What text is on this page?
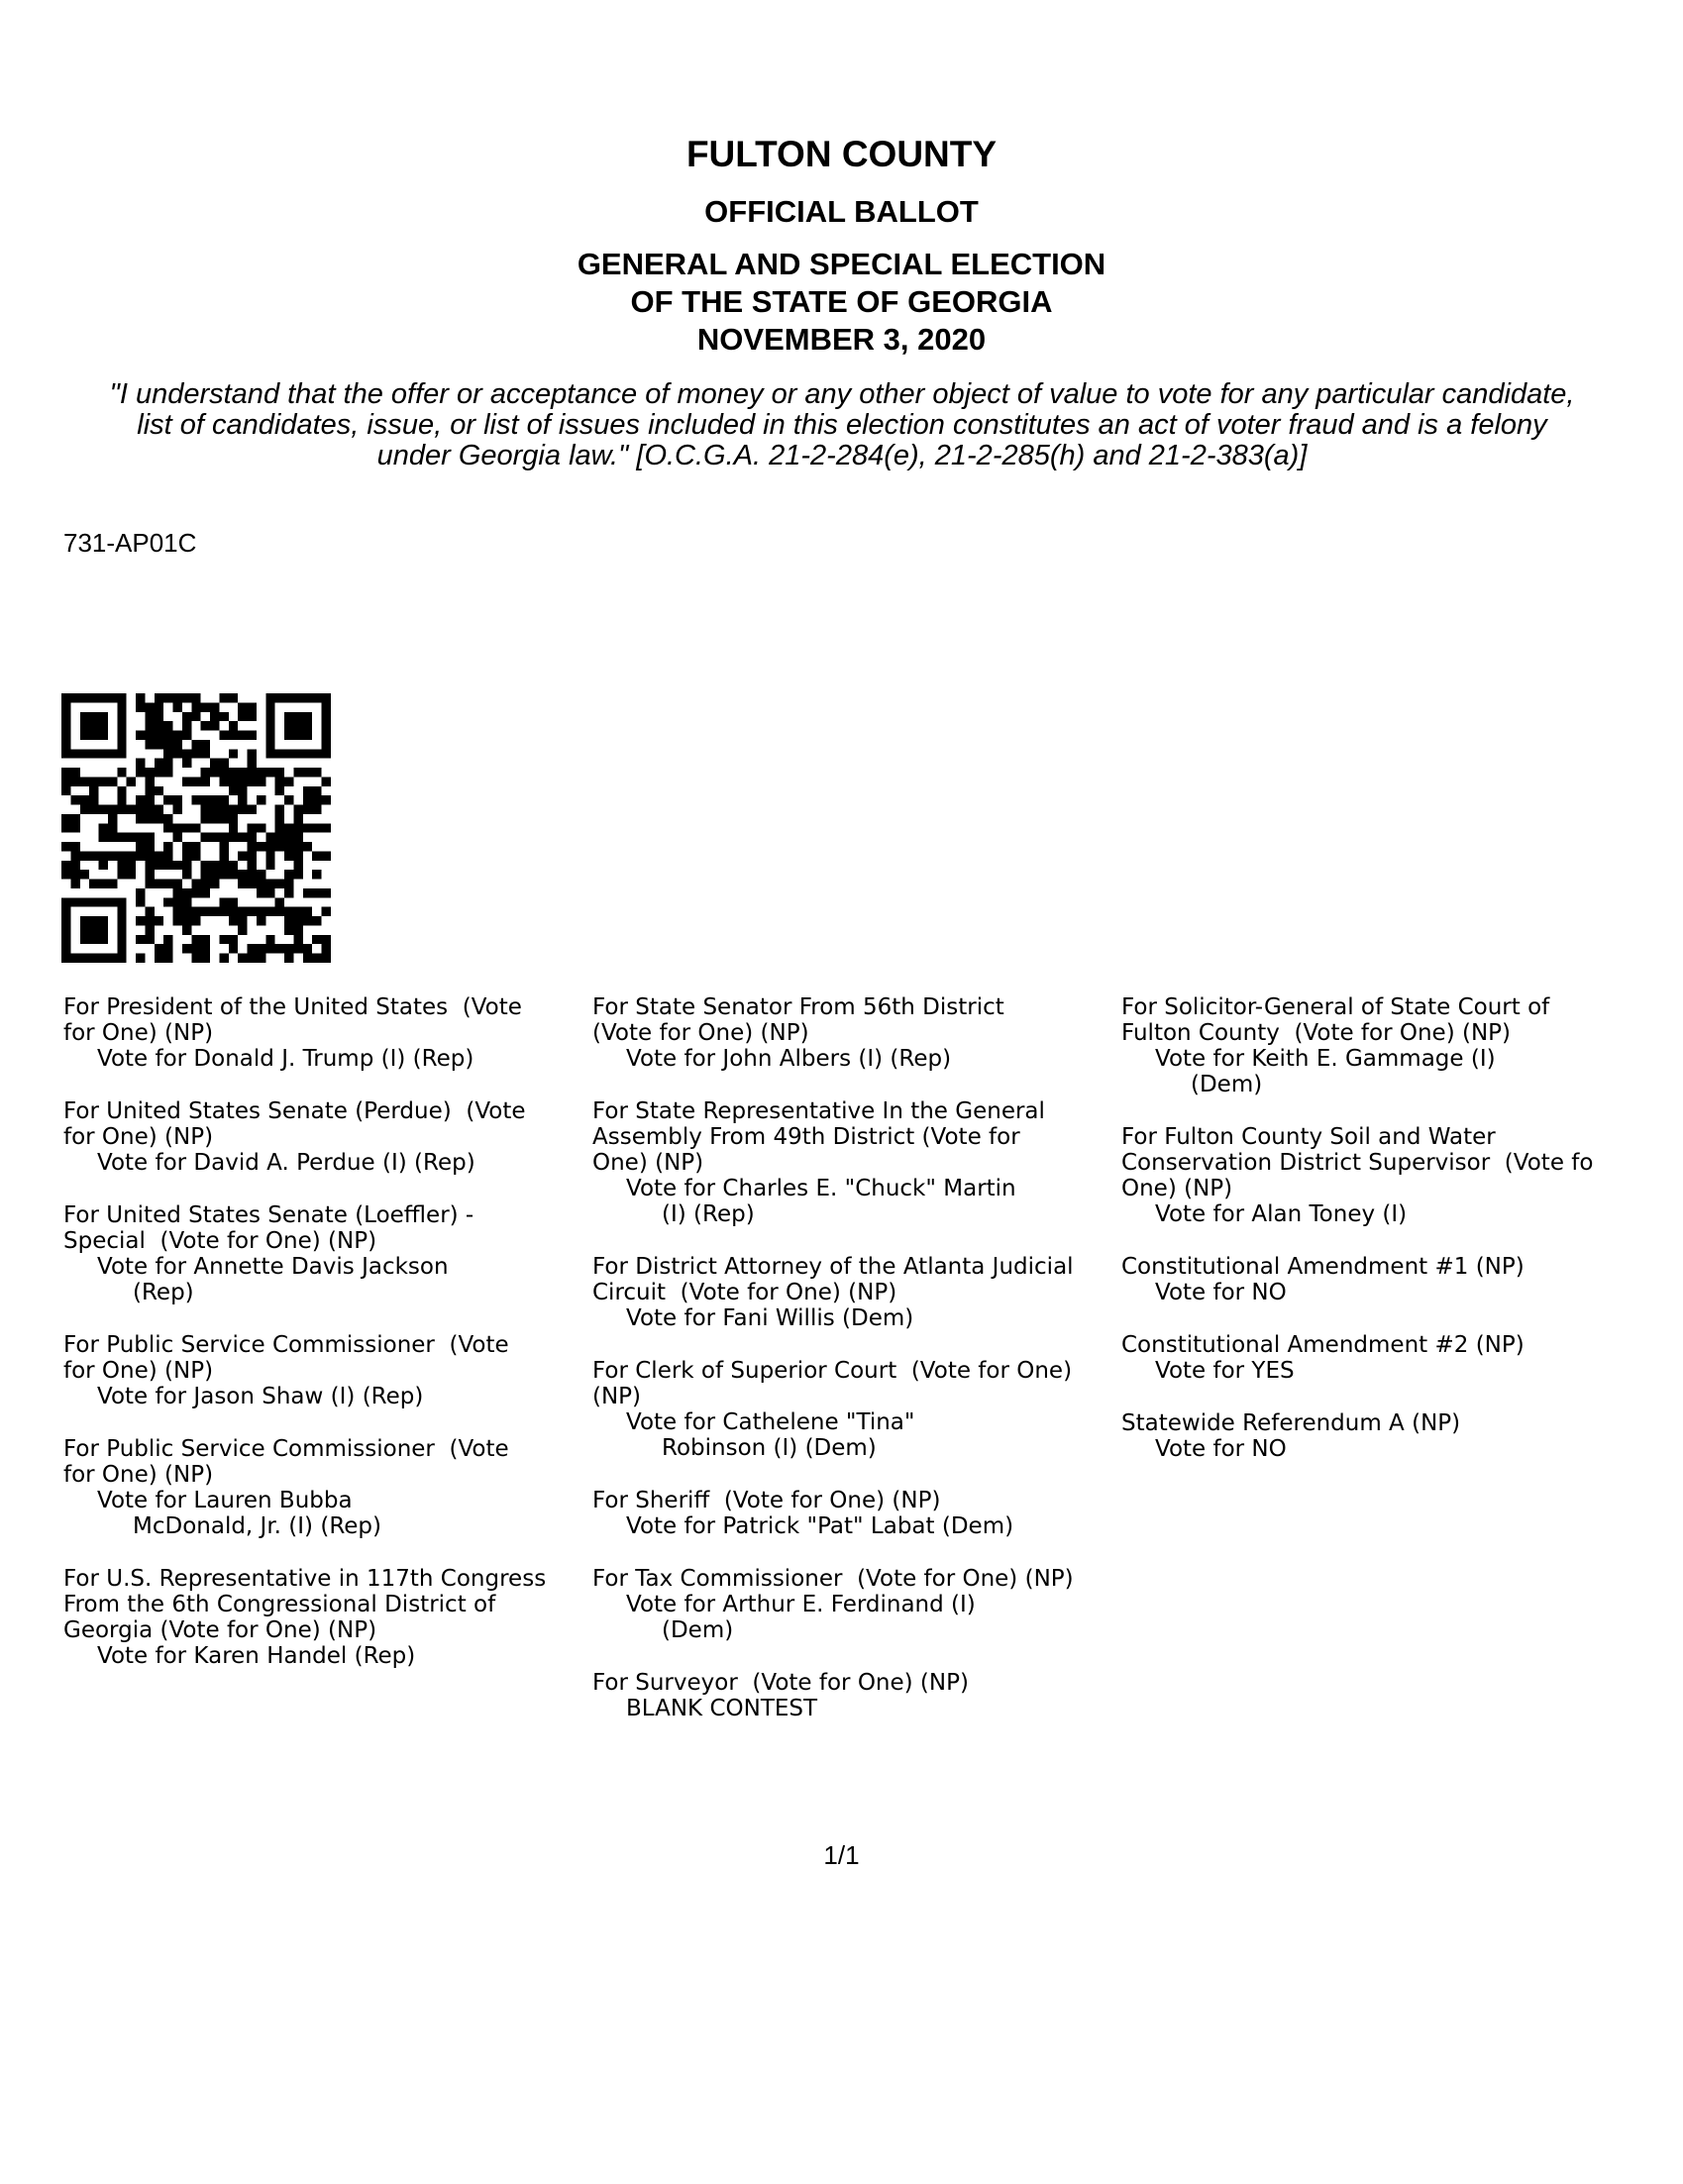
FULTON COUNTY
OFFICIAL BALLOT
GENERAL AND SPECIAL ELECTION
OF THE STATE OF GEORGIA
NOVEMBER 3, 2020
"I understand that the offer or acceptance of money or any other object of value to vote for any particular candidate,
list of candidates, issue, or list of issues included in this election constitutes an act of voter fraud and is a felony
under Georgia law." [O.C.G.A. 21-2-284(e), 21-2-285(h) and 21-2-383(a)]
731-AP01C
For President of the United States  (Vote
for One) (NP)
Vote for Donald J. Trump (I) (Rep)
For United States Senate (Perdue)  (Vote
for One) (NP)
Vote for David A. Perdue (I) (Rep)
For United States Senate (Loeffler) -
Special  (Vote for One) (NP)
Vote for Annette Davis Jackson
(Rep)
For Public Service Commissioner  (Vote
for One) (NP)
Vote for Jason Shaw (I) (Rep)
For Public Service Commissioner  (Vote
for One) (NP)
Vote for Lauren Bubba
McDonald, Jr. (I) (Rep)
For U.S. Representative in 117th Congress
From the 6th Congressional District of
Georgia (Vote for One) (NP)
Vote for Karen Handel (Rep)
For State Senator From 56th District
(Vote for One) (NP)
Vote for John Albers (I) (Rep)
For State Representative In the General
Assembly From 49th District (Vote for
One) (NP)
Vote for Charles E. "Chuck" Martin
(I) (Rep)
For District Attorney of the Atlanta Judicial
Circuit  (Vote for One) (NP)
Vote for Fani Willis (Dem)
For Clerk of Superior Court  (Vote for One)
(NP)
Vote for Cathelene "Tina"
Robinson (I) (Dem)
For Sheriff  (Vote for One) (NP)
Vote for Patrick "Pat" Labat (Dem)
For Tax Commissioner  (Vote for One) (NP)
Vote for Arthur E. Ferdinand (I)
(Dem)
For Surveyor  (Vote for One) (NP)
BLANK CONTEST
For Solicitor-General of State Court of
Fulton County  (Vote for One) (NP)
Vote for Keith E. Gammage (I)
(Dem)
For Fulton County Soil and Water
Conservation District Supervisor  (Vote fo
One) (NP)
Vote for Alan Toney (I)
Constitutional Amendment #1 (NP)
Vote for NO
Constitutional Amendment #2 (NP)
Vote for YES
Statewide Referendum A (NP)
Vote for NO
1/1
